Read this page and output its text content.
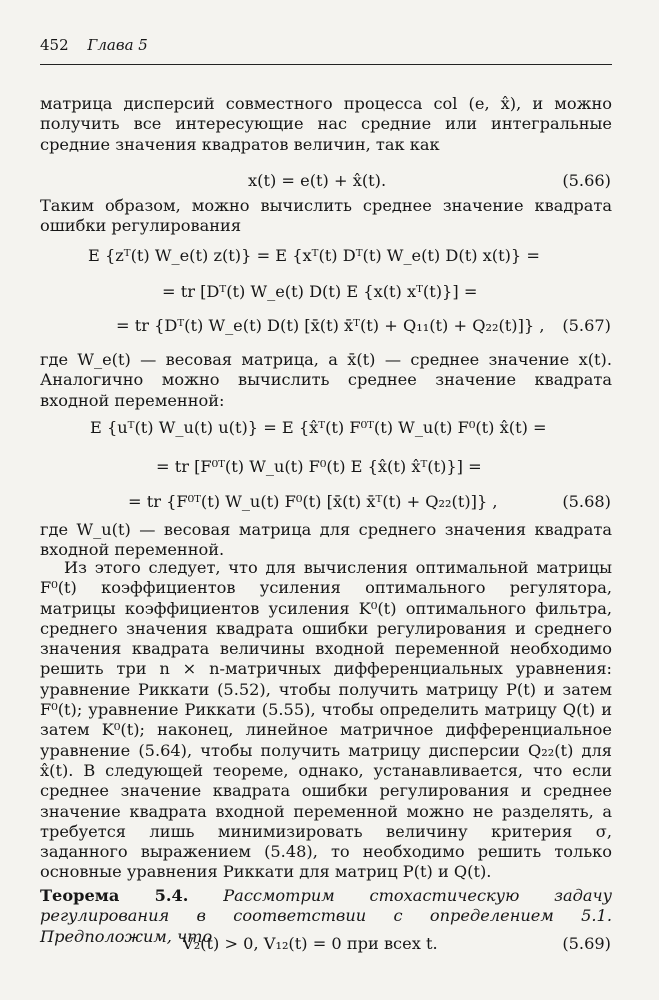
452 Глава 5
матрица дисперсий совместного процесса col (e, x̂), и можно получить все интересующие нас средние или интегральные средние значения квадратов величин, так как
x(t) = e(t) + x̂(t).	(5.66)
Таким образом, можно вычислить среднее значение квадрата ошибки регулирования
E {zᵀ(t) W_e(t) z(t)} = E {xᵀ(t) Dᵀ(t) W_e(t) D(t) x(t)} =
= tr [Dᵀ(t) W_e(t) D(t) E {x(t) xᵀ(t)}] =
= tr {Dᵀ(t) W_e(t) D(t) [x̄(t) x̄ᵀ(t) + Q₁₁(t) + Q₂₂(t)]} , (5.67)
где W_e(t) — весовая матрица, а x̄(t) — среднее значение x(t). Аналогично можно вычислить среднее значение квадрата входной переменной:
E {uᵀ(t) W_u(t) u(t)} = E {x̂ᵀ(t) F⁰ᵀ(t) W_u(t) F⁰(t) x̂(t) =
= tr [F⁰ᵀ(t) W_u(t) F⁰(t) E {x̂(t) x̂ᵀ(t)}] =
= tr {F⁰ᵀ(t) W_u(t) F⁰(t) [x̄(t) x̄ᵀ(t) + Q₂₂(t)]} ,	(5.68)
где W_u(t) — весовая матрица для среднего значения квадрата входной переменной.
Из этого следует, что для вычисления оптимальной матрицы F⁰(t) коэффициентов усиления оптимального регулятора, матрицы коэффициентов усиления K⁰(t) оптимального фильтра, среднего значения квадрата ошибки регулирования и среднего значения квадрата величины входной переменной необходимо решить три n × n-матричных дифференциальных уравнения: уравнение Риккати (5.52), чтобы получить матрицу P(t) и затем F⁰(t); уравнение Риккати (5.55), чтобы определить матрицу Q(t) и затем K⁰(t); наконец, линейное матричное дифференциальное уравнение (5.64), чтобы получить матрицу дисперсии Q₂₂(t) для x̂(t). В следующей теореме, однако, устанавливается, что если среднее значение квадрата ошибки регулирования и среднее значение квадрата входной переменной можно не разделять, а требуется лишь минимизировать величину критерия σ, заданного выражением (5.48), то необходимо решить только основные уравнения Риккати для матриц P(t) и Q(t).
Теорема 5.4. Рассмотрим стохастическую задачу регулирования в соответствии с определением 5.1. Предположим, что
V₂(t) > 0, V₁₂(t) = 0 при всех t.	(5.69)
